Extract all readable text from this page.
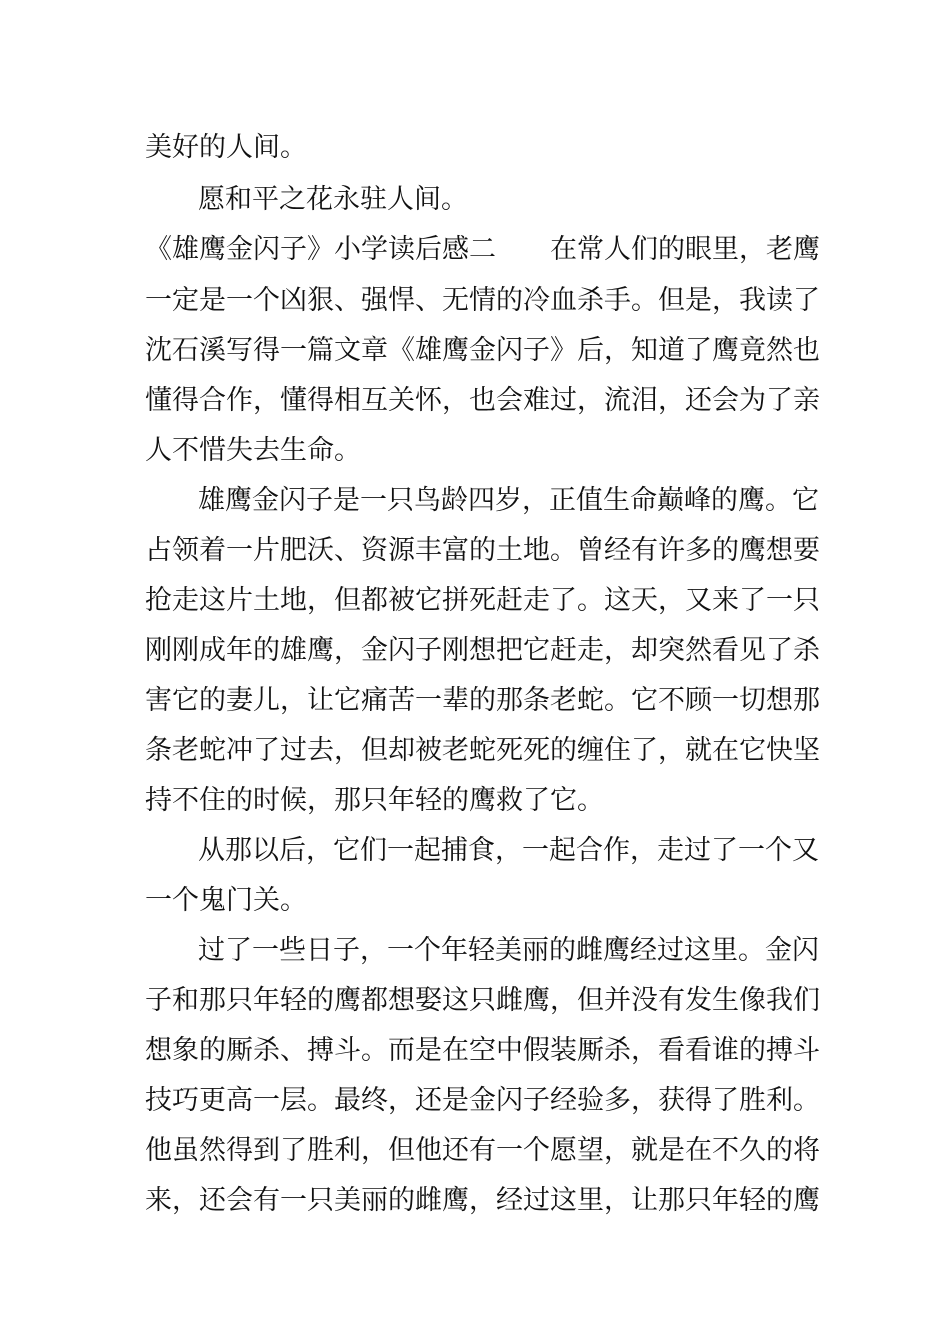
美好的人间。
愿和平之花永驻人间。
《雄鹰金闪子》小学读后感二 在常人们的眼里，老鹰
一定是一个凶狠、强悍、无情的冷血杀手。但是，我读了
沈石溪写得一篇文章《雄鹰金闪子》后，知道了鹰竟然也
懂得合作，懂得相互关怀，也会难过，流泪，还会为了亲
人不惜失去生命。
雄鹰金闪子是一只鸟龄四岁，正值生命巅峰的鹰。它
占领着一片肥沃、资源丰富的土地。曾经有许多的鹰想要
抢走这片土地，但都被它拼死赶走了。这天，又来了一只
刚刚成年的雄鹰，金闪子刚想把它赶走，却突然看见了杀
害它的妻儿，让它痛苦一辈的那条老蛇。它不顾一切想那
条老蛇冲了过去，但却被老蛇死死的缠住了，就在它快坚
持不住的时候，那只年轻的鹰救了它。
从那以后，它们一起捕食，一起合作，走过了一个又
一个鬼门关。
过了一些日子，一个年轻美丽的雌鹰经过这里。金闪
子和那只年轻的鹰都想娶这只雌鹰，但并没有发生像我们
想象的厮杀、搏斗。而是在空中假装厮杀，看看谁的搏斗
技巧更高一层。最终，还是金闪子经验多，获得了胜利。
他虽然得到了胜利，但他还有一个愿望，就是在不久的将
来，还会有一只美丽的雌鹰，经过这里，让那只年轻的鹰
